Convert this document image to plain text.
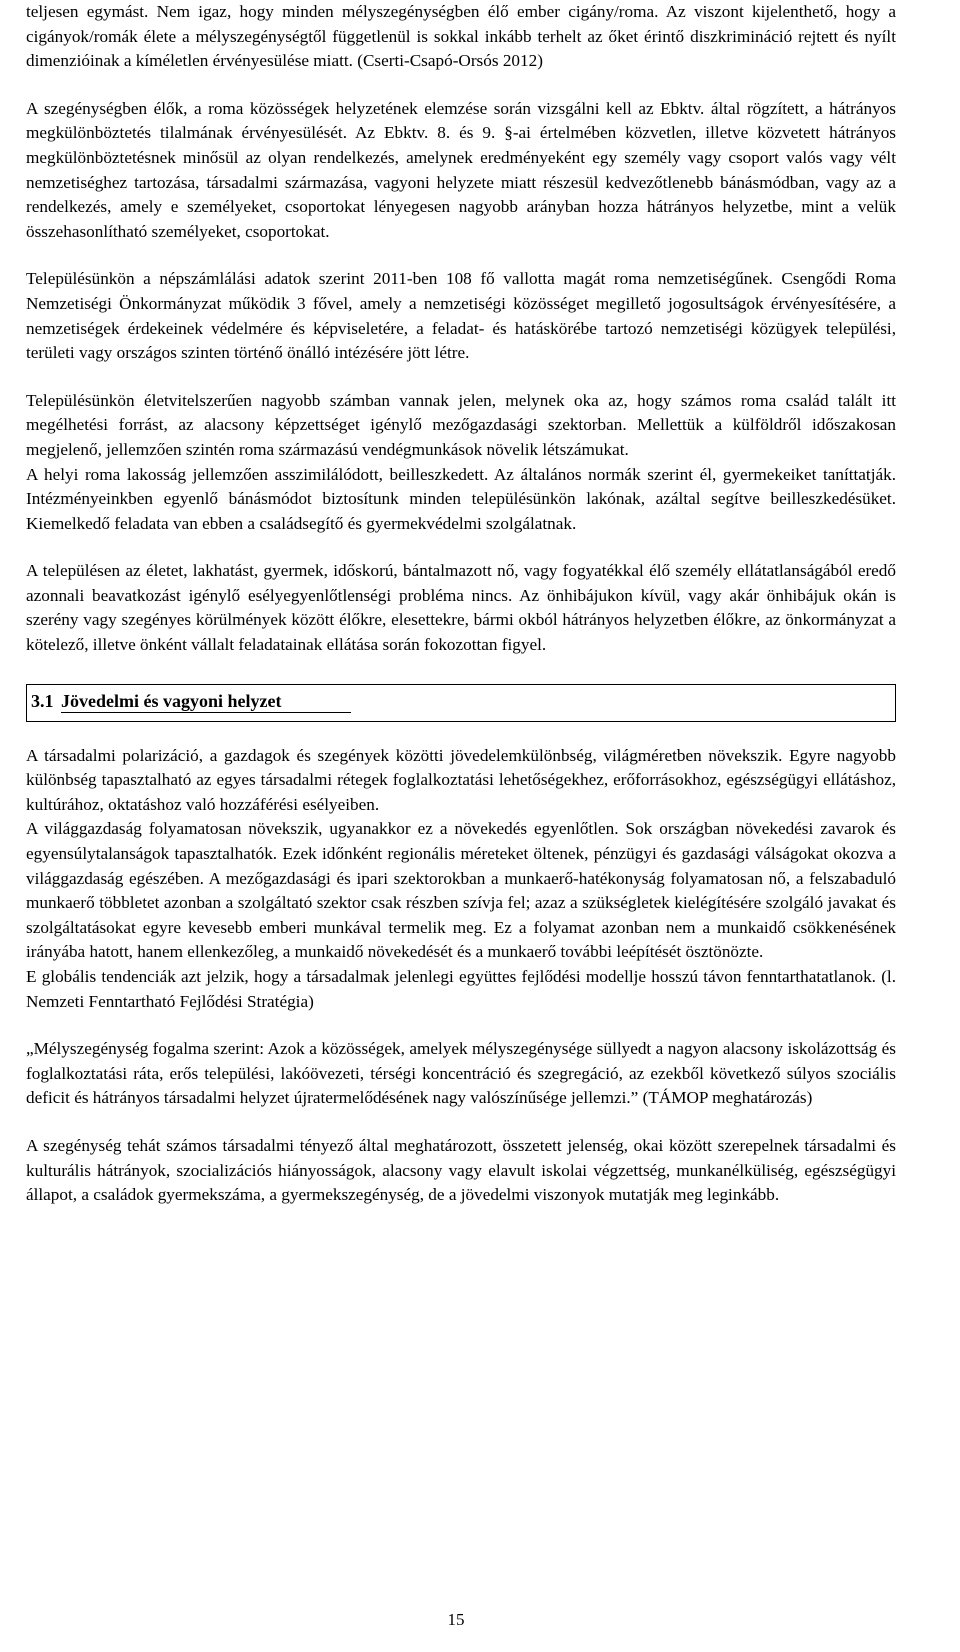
teljesen egymást. Nem igaz, hogy minden mélyszegénységben élő ember cigány/roma. Az viszont kijelenthető, hogy a cigányok/romák élete a mélyszegénységtől függetlenül is sokkal inkább terhelt az őket érintő diszkrimináció rejtett és nyílt dimenzióinak a kíméletlen érvényesülése miatt. (Cserti-Csapó-Orsós 2012)

A szegénységben élők, a roma közösségek helyzetének elemzése során vizsgálni kell az Ebktv. által rögzített, a hátrányos megkülönböztetés tilalmának érvényesülését. Az Ebktv. 8. és 9. §-ai értelmében közvetlen, illetve közvetett hátrányos megkülönböztetésnek minősül az olyan rendelkezés, amelynek eredményeként egy személy vagy csoport valós vagy vélt nemzetiséghez tartozása, társadalmi származása, vagyoni helyzete miatt részesül kedvezőtlenebb bánásmódban, vagy az a rendelkezés, amely e személyeket, csoportokat lényegesen nagyobb arányban hozza hátrányos helyzetbe, mint a velük összehasonlítható személyeket, csoportokat.

Településünkön a népszámlálási adatok szerint 2011-ben 108 fő vallotta magát roma nemzetiségűnek. Csengődi Roma Nemzetiségi Önkormányzat működik 3 fővel, amely a nemzetiségi közösséget megillető jogosultságok érvényesítésére, a nemzetiségek érdekeinek védelmére és képviseletére, a feladat- és hatáskörébe tartozó nemzetiségi közügyek települési, területi vagy országos szinten történő önálló intézésére jött létre.

Településünkön életvitelszerűen nagyobb számban vannak jelen, melynek oka az, hogy számos roma család talált itt megélhetési forrást, az alacsony képzettséget igénylő mezőgazdasági szektorban. Mellettük a külföldről időszakosan megjelenő, jellemzően szintén roma származású vendégmunkások növelik létszámukat.

A helyi roma lakosság jellemzően asszimilálódott, beilleszkedett. Az általános normák szerint él, gyermekeiket taníttatják. Intézményeinkben egyenlő bánásmódot biztosítunk minden településünkön lakónak, azáltal segítve beilleszkedésüket. Kiemelkedő feladata van ebben a családsegítő és gyermekvédelmi szolgálatnak.

A településen az életet, lakhatást, gyermek, időskorú, bántalmazott nő, vagy fogyatékkal élő személy ellátatlanságából eredő azonnali beavatkozást igénylő esélyegyenlőtlenségi probléma nincs. Az önhibájukon kívül, vagy akár önhibájuk okán is szerény vagy szegényes körülmények között élőkre, elesettekre, bármi okból hátrányos helyzetben élőkre, az önkormányzat a kötelező, illetve önként vállalt feladatainak ellátása során fokozottan figyel.

3.1 Jövedelmi és vagyoni helyzet

A társadalmi polarizáció, a gazdagok és szegények közötti jövedelemkülönbség, világméretben növekszik. Egyre nagyobb különbség tapasztalható az egyes társadalmi rétegek foglalkoztatási lehetőségekhez, erőforrásokhoz, egészségügyi ellátáshoz, kultúrához, oktatáshoz való hozzáférési esélyeiben.

A világgazdaság folyamatosan növekszik, ugyanakkor ez a növekedés egyenlőtlen. Sok országban növekedési zavarok és egyensúlytalanságok tapasztalhatók. Ezek időnként regionális méreteket öltenek, pénzügyi és gazdasági válságokat okozva a világgazdaság egészében. A mezőgazdasági és ipari szektorokban a munkaerő-hatékonyság folyamatosan nő, a felszabaduló munkaerő többletet azonban a szolgáltató szektor csak részben szívja fel; azaz a szükségletek kielégítésére szolgáló javakat és szolgáltatásokat egyre kevesebb emberi munkával termelik meg. Ez a folyamat azonban nem a munkaidő csökkenésének irányába hatott, hanem ellenkezőleg, a munkaidő növekedését és a munkaerő további leépítését ösztönözte.

E globális tendenciák azt jelzik, hogy a társadalmak jelenlegi együttes fejlődési modellje hosszú távon fenntarthatatlanok. (l. Nemzeti Fenntartható Fejlődési Stratégia)

„Mélyszegénység fogalma szerint: Azok a közösségek, amelyek mélyszegénysége süllyedt a nagyon alacsony iskolázottság és foglalkoztatási ráta, erős települési, lakóövezeti, térségi koncentráció és szegregáció, az ezekből következő súlyos szociális deficit és hátrányos társadalmi helyzet újratermelődésének nagy valószínűsége jellemzi.” (TÁMOP meghatározás)

A szegénység tehát számos társadalmi tényező által meghatározott, összetett jelenség, okai között szerepelnek társadalmi és kulturális hátrányok, szocializációs hiányosságok, alacsony vagy elavult iskolai végzettség, munkanélküliség, egészségügyi állapot, a családok gyermekszáma, a gyermekszegénység, de a jövedelmi viszonyok mutatják meg leginkább.

15
